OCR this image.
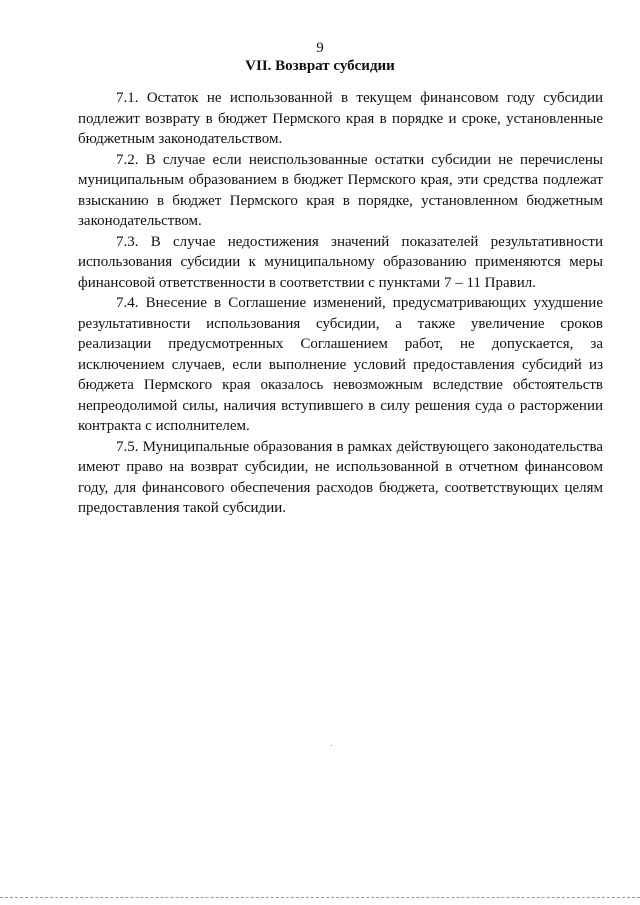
9
VII. Возврат субсидии

7.1. Остаток не использованной в текущем финансовом году субсидии подлежит возврату в бюджет Пермского края в порядке и сроке, установленные бюджетным законодательством.

7.2. В случае если неиспользованные остатки субсидии не перечислены муниципальным образованием в бюджет Пермского края, эти средства подлежат взысканию в бюджет Пермского края в порядке, установленном бюджетным законодательством.

7.3. В случае недостижения значений показателей результативности использования субсидии к муниципальному образованию применяются меры финансовой ответственности в соответствии с пунктами 7 – 11 Правил.

7.4. Внесение в Соглашение изменений, предусматривающих ухудшение результативности использования субсидии, а также увеличение сроков реализации предусмотренных Соглашением работ, не допускается, за исключением случаев, если выполнение условий предоставления субсидий из бюджета Пермского края оказалось невозможным вследствие обстоятельств непреодолимой силы, наличия вступившего в силу решения суда о расторжении контракта с исполнителем.

7.5. Муниципальные образования в рамках действующего законодательства имеют право на возврат субсидии, не использованной в отчетном финансовом году, для финансового обеспечения расходов бюджета, соответствующих целям предоставления такой субсидии.
